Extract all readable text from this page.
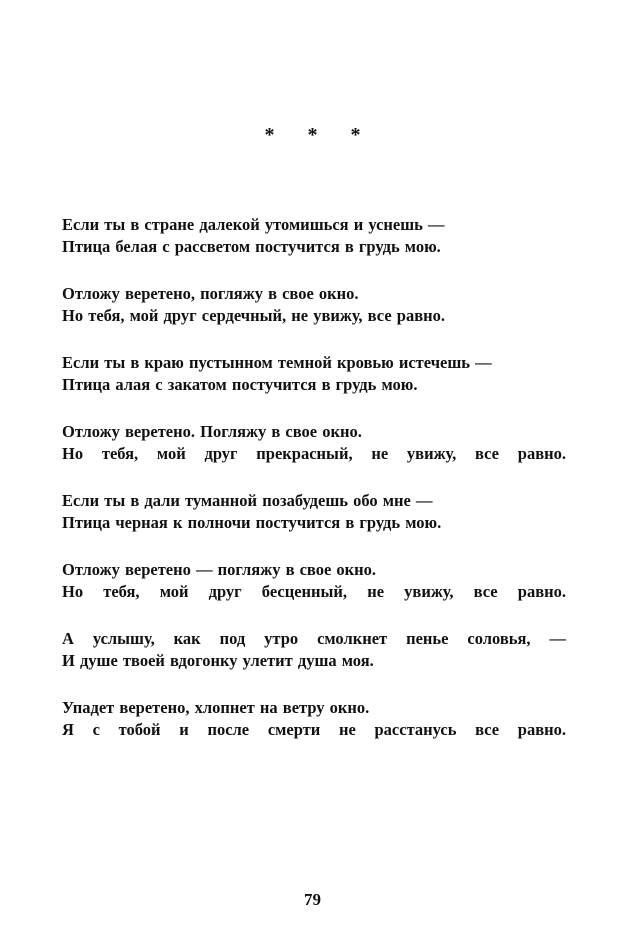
* * *
Если ты в стране далекой утомишься и уснешь —
Птица белая с рассветом постучится в грудь мою.
Отложу веретено, погляжу в свое окно.
Но тебя, мой друг сердечный, не увижу, все равно.
Если ты в краю пустынном темной кровью истечешь —
Птица алая с закатом постучится в грудь мою.
Отложу веретено. Погляжу в свое окно.
Но тебя, мой друг прекрасный, не увижу, все равно.
Если ты в дали туманной позабудешь обо мне —
Птица черная к полночи постучится в грудь мою.
Отложу веретено — погляжу в свое окно.
Но тебя, мой друг бесценный, не увижу, все равно.
А услышу, как под утро смолкнет пенье соловья, —
И душе твоей вдогонку улетит душа моя.
Упадет веретено, хлопнет на ветру окно.
Я с тобой и после смерти не расстанусь все равно.
79
